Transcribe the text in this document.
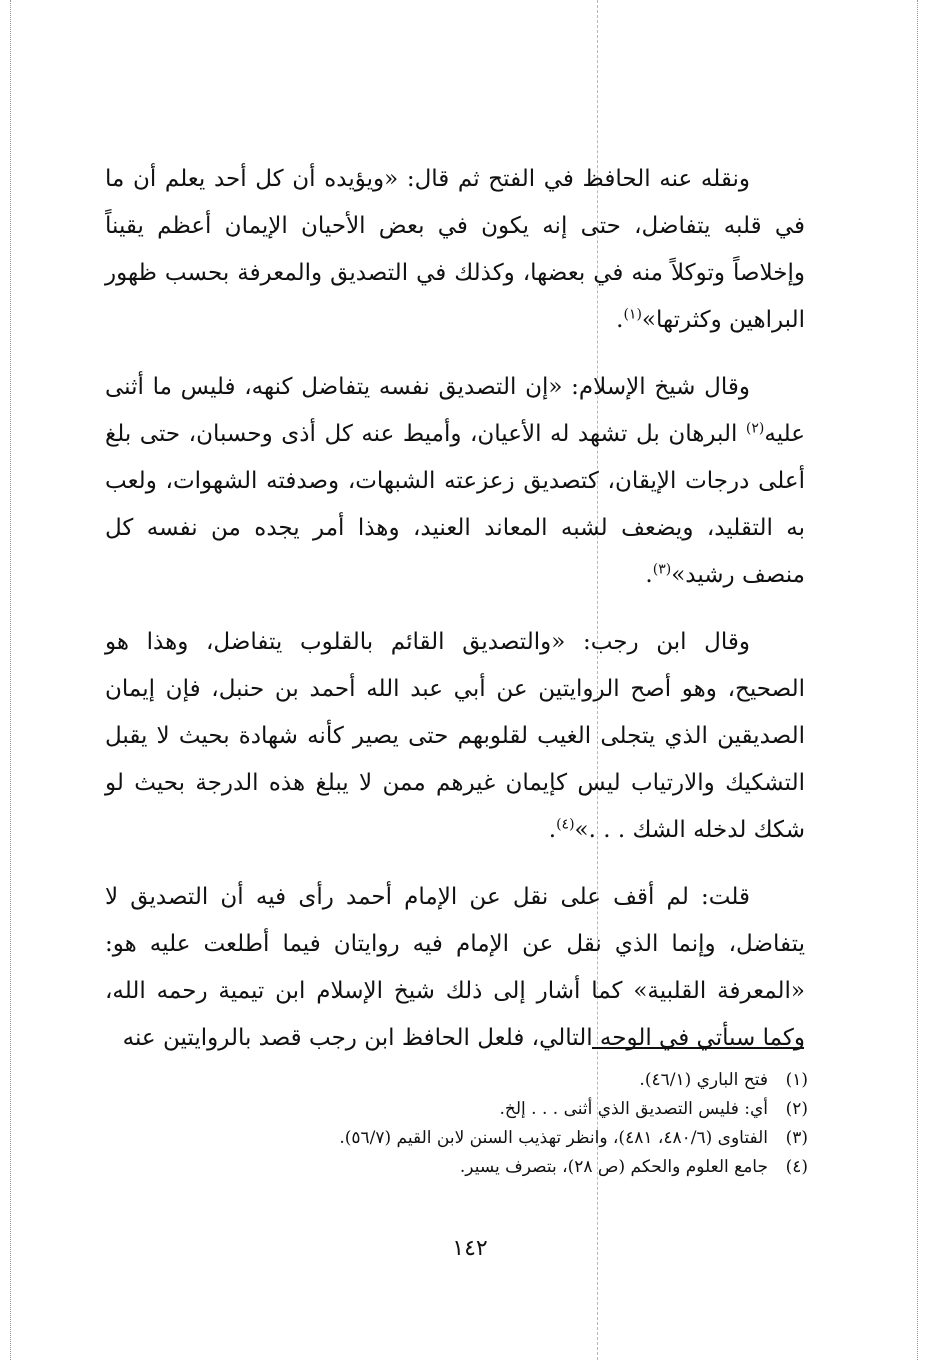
ونقله عنه الحافظ في الفتح ثم قال: «ويؤيده أن كل أحد يعلم أن ما في قلبه يتفاضل، حتى إنه يكون في بعض الأحيان الإيمان أعظم يقيناً وإخلاصاً وتوكلاً منه في بعضها، وكذلك في التصديق والمعرفة بحسب ظهور البراهين وكثرتها»$^{(١)}$.

وقال شيخ الإسلام: «إن التصديق نفسه يتفاضل كنهه، فليس ما أثنى عليه$^{(٢)}$ البرهان بل تشهد له الأعيان، وأميط عنه كل أذى وحسبان، حتى بلغ أعلى درجات الإيقان، كتصديق زعزعته الشبهات، وصدفته الشهوات، ولعب به التقليد، ويضعف لشبه المعاند العنيد، وهذا أمر يجده من نفسه كل منصف رشيد»$^{(٣)}$.

وقال ابن رجب: «والتصديق القائم بالقلوب يتفاضل، وهذا هو الصحيح، وهو أصح الروايتين عن أبي عبد الله أحمد بن حنبل، فإن إيمان الصديقين الذي يتجلى الغيب لقلوبهم حتى يصير كأنه شهادة بحيث لا يقبل التشكيك والارتياب ليس كإيمان غيرهم ممن لا يبلغ هذه الدرجة بحيث لو شكك لدخله الشك . . .»$^{(٤)}$.

قلت: لم أقف على نقل عن الإمام أحمد رأى فيه أن التصديق لا يتفاضل، وإنما الذي نقل عن الإمام فيه روايتان فيما أطلعت عليه هو: «المعرفة القلبية» كما أشار إلى ذلك شيخ الإسلام ابن تيمية رحمه الله، وكما سيأتي في الوجه التالي، فلعل الحافظ ابن رجب قصد بالروايتين عنه

(١)
فتح الباري (٤٦/١).
(٢)
أي: فليس التصديق الذي أثنى . . . إلخ.
(٣)
الفتاوى (٤٨٠/٦، ٤٨١)، وانظر تهذيب السنن لابن القيم (٥٦/٧).
(٤)
جامع العلوم والحكم (ص ٢٨)، بتصرف يسير.
١٤٢
